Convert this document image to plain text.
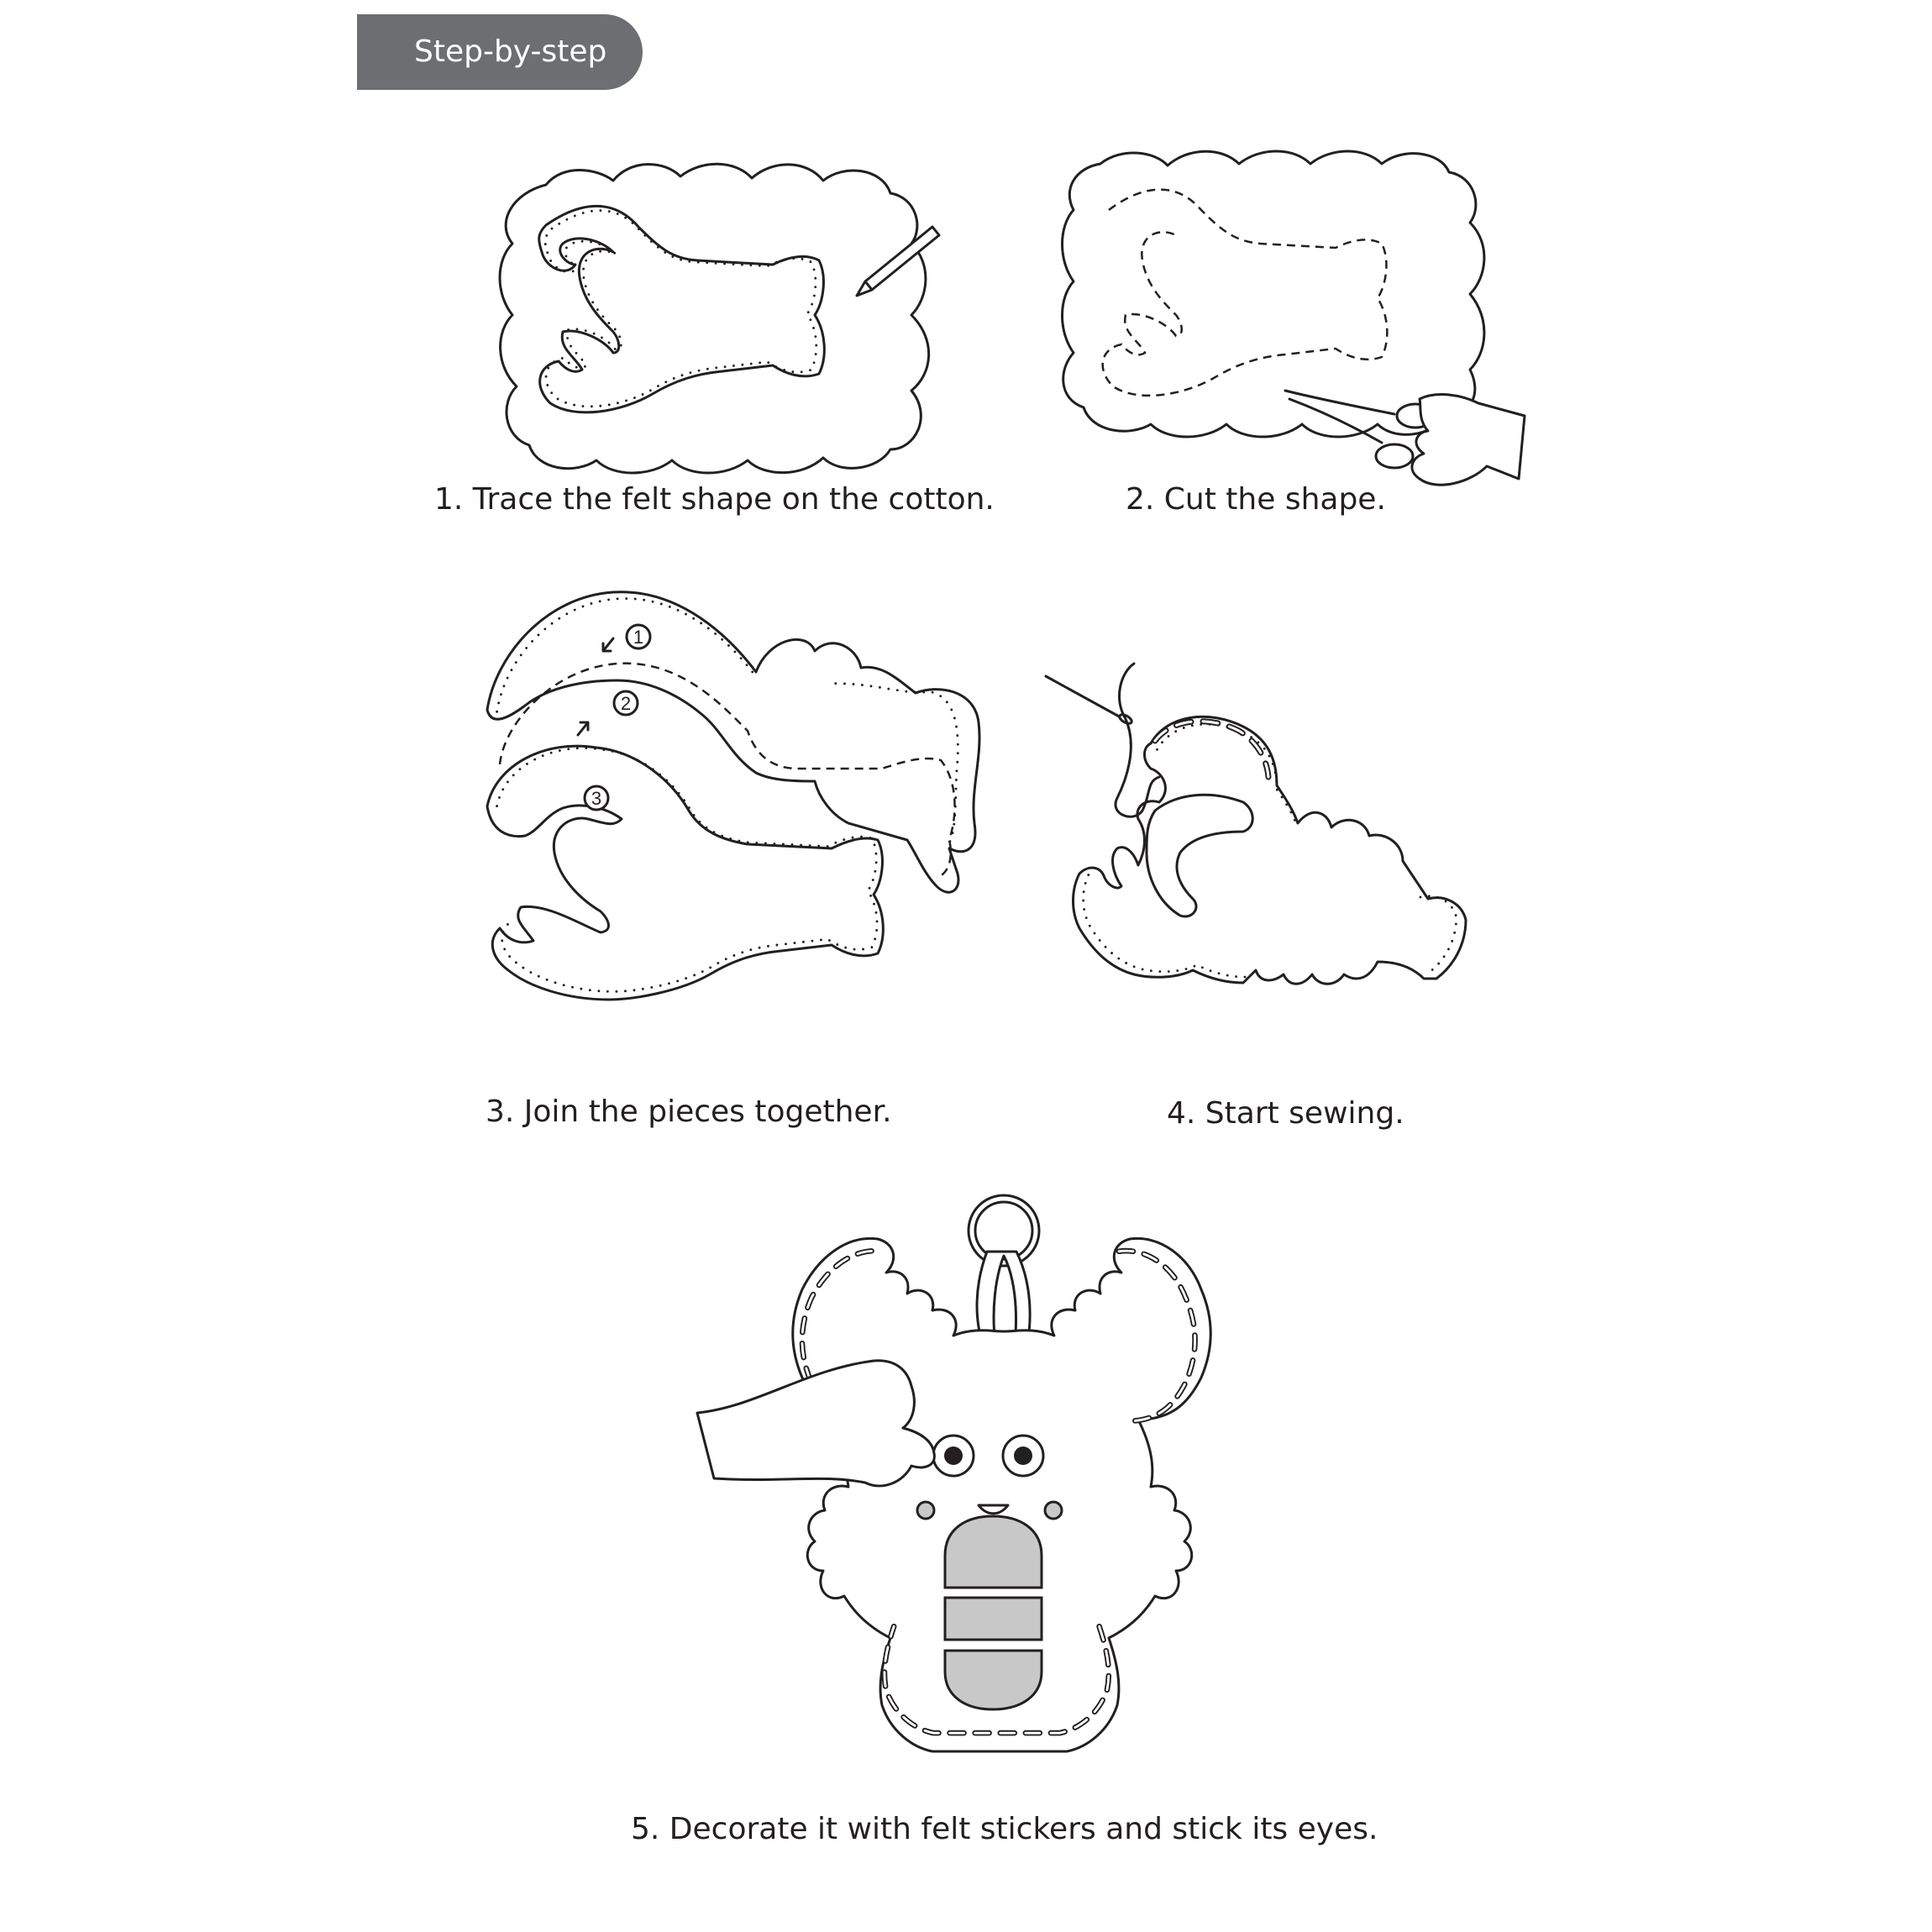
Step-by-step
1. Trace the felt shape on the cotton.	2. Cut the shape.
1
2
3
3. Join the pieces together.	4. Start sewing.
5. Decorate it with felt stickers and stick its eyes.
